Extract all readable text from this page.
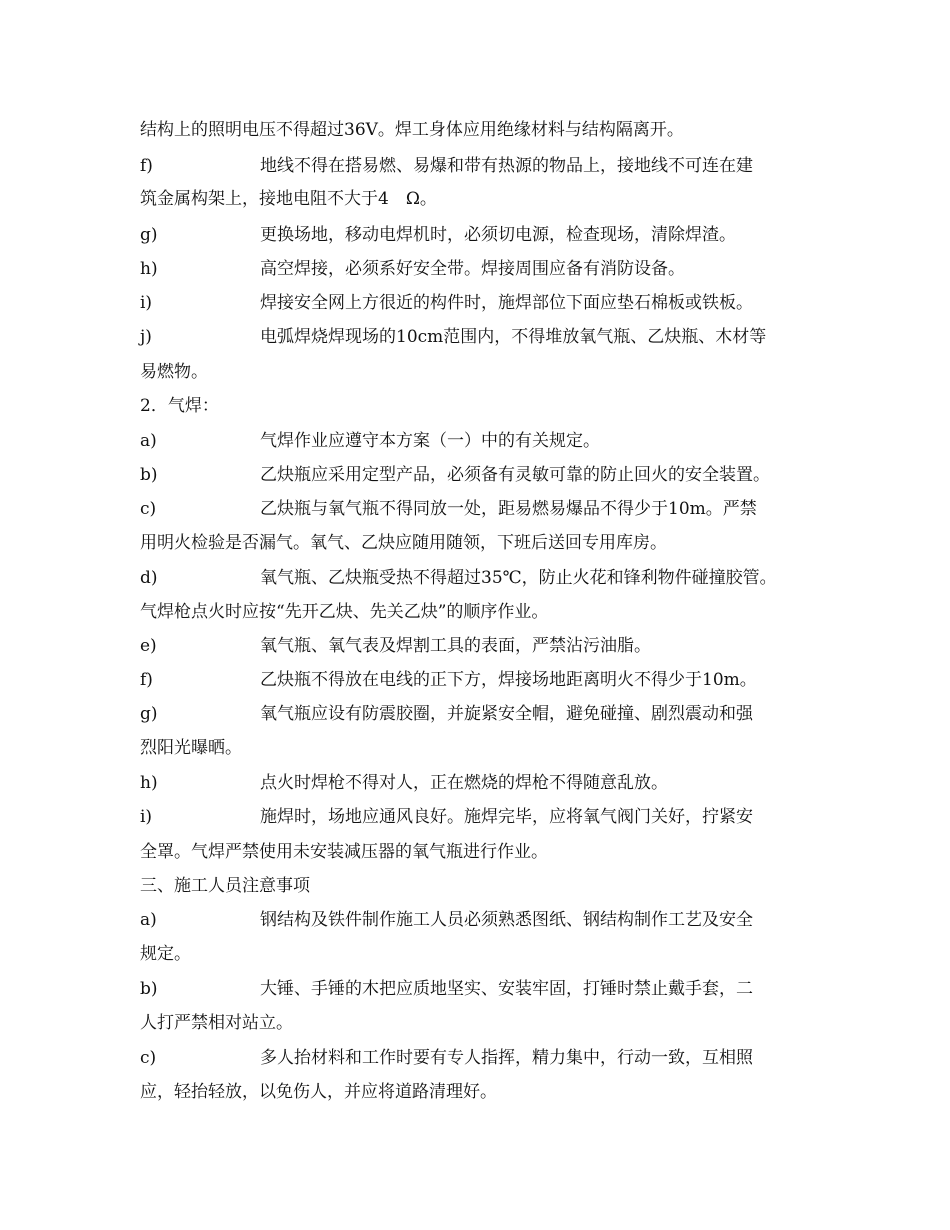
结构上的照明电压不得超过36V。焊工身体应用绝缘材料与结构隔离开。
f)	地线不得在搭易燃、易爆和带有热源的物品上，接地线不可连在建
筑金属构架上，接地电阻不大于4　Ω。
g)	更换场地，移动电焊机时，必须切电源，检查现场，清除焊渣。
h)	高空焊接，必须系好安全带。焊接周围应备有消防设备。
i)	焊接安全网上方很近的构件时，施焊部位下面应垫石棉板或铁板。
j)	电弧焊烧焊现场的10cm范围内，不得堆放氧气瓶、乙炔瓶、木材等
易燃物。
2．气焊：
a)	气焊作业应遵守本方案（一）中的有关规定。
b)	乙炔瓶应采用定型产品，必须备有灵敏可靠的防止回火的安全装置。
c)	乙炔瓶与氧气瓶不得同放一处，距易燃易爆品不得少于10m。严禁
用明火检验是否漏气。氧气、乙炔应随用随领，下班后送回专用库房。
d)	氧气瓶、乙炔瓶受热不得超过35℃，防止火花和锋利物件碰撞胶管。
气焊枪点火时应按“先开乙炔、先关乙炔”的顺序作业。
e)	氧气瓶、氧气表及焊割工具的表面，严禁沾污油脂。
f)	乙炔瓶不得放在电线的正下方，焊接场地距离明火不得少于10m。
g)	氧气瓶应设有防震胶圈，并旋紧安全帽，避免碰撞、剧烈震动和强
烈阳光曝晒。
h)	点火时焊枪不得对人，正在燃烧的焊枪不得随意乱放。
i)	施焊时，场地应通风良好。施焊完毕，应将氧气阀门关好，拧紧安
全罩。气焊严禁使用未安装减压器的氧气瓶进行作业。
三、施工人员注意事项
a)	钢结构及铁件制作施工人员必须熟悉图纸、钢结构制作工艺及安全
规定。
b)	大锤、手锤的木把应质地坚实、安装牢固，打锤时禁止戴手套，二
人打严禁相对站立。
c)	多人抬材料和工作时要有专人指挥，精力集中，行动一致，互相照
应，轻抬轻放，以免伤人，并应将道路清理好。
